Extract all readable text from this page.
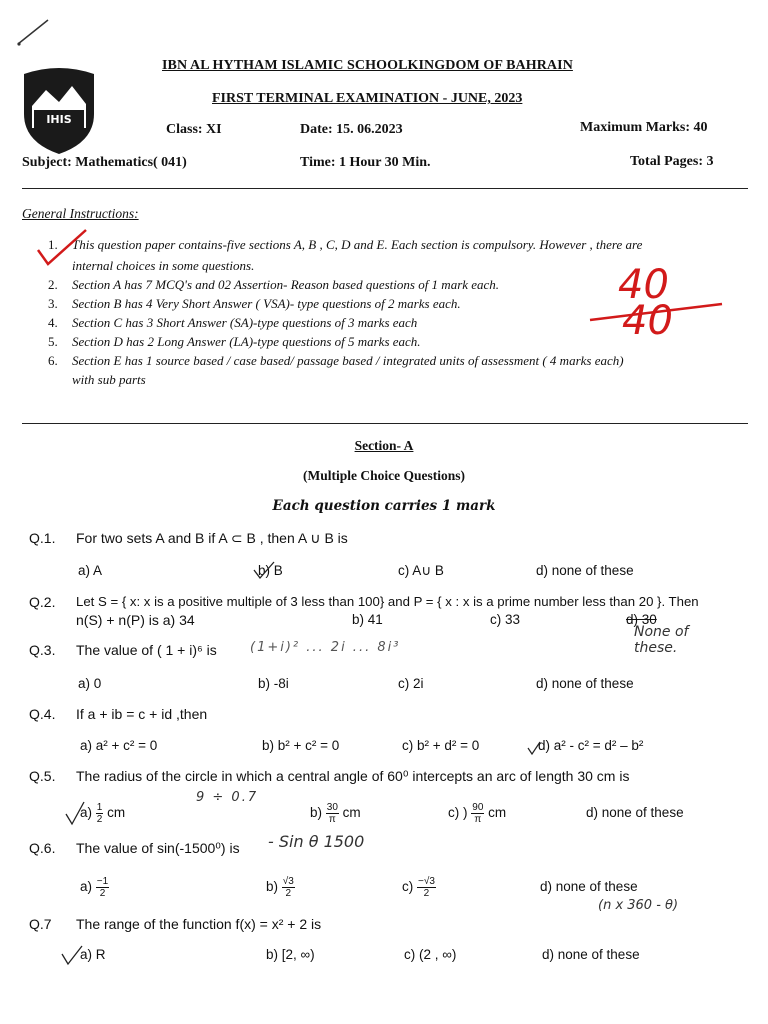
IHIS
IBN AL HYTHAM ISLAMIC SCHOOLKINGDOM OF BAHRAIN
FIRST TERMINAL EXAMINATION - JUNE, 2023
Class: XI	Date: 15. 06.2023	Maximum Marks: 40
Subject: Mathematics( 041)	Time: 1 Hour 30 Min.	Total Pages: 3
General Instructions:
1. This question paper contains-five sections A, B , C, D and E. Each section is compulsory. However , there are
internal choices in some questions.
2. Section A has 7 MCQ's and 02 Assertion- Reason based questions of 1 mark each.
3. Section B has 4 Very Short Answer ( VSA)- type questions of 2 marks each.
4. Section C has 3 Short Answer (SA)-type questions of 3 marks each
5. Section D has 2 Long Answer (LA)-type questions of 5 marks each.
6. Section E has 1 source based / case based/ passage based / integrated units of assessment ( 4 marks each)
with sub parts
40
40
Section- A
(Multiple Choice Questions)
Each question carries 1 mark
Q.1. For two sets A and B if A ⊂ B , then A ∪ B is
a) A	b) B	c) A∪ B	d) none of these
Q.2. Let S = { x: x is a positive multiple of 3 less than 100} and P = { x : x is a prime number less than 20 }. Then
n(S) + n(P) is a) 34	b) 41	c) 33	d) 30
None of these.
Q.3. The value of ( 1 + i)⁶ is	(1+i)² ... 2i ... 8i³
a) 0	b) -8i	c) 2i	d) none of these
Q.4. If a + ib = c + id ,then
a) a² + c² = 0	b) b² + c² = 0	c) b² + d² = 0	d) a² - c² = d² – b²
Q.5. The radius of the circle in which a central angle of 60⁰ intercepts an arc of length 30 cm is
$a) \frac{1}{2}$ cm
9 ÷ 0.7
$b) \frac{30}{\pi}$ cm	c) ) $\frac{90}{\pi}$ cm	d) none of these
Q.6. The value of sin(-1500⁰) is - Sin θ 1500
$a) \frac{-1}{2}$	$b) \frac{√3}{2}$	$c) \frac{-√3}{2}$	d) none of these
(n x 360 - θ)
Q.7 The range of the function f(x) = x² + 2 is
a) R	b) [2, ∞)	c) (2 , ∞)	d) none of these
